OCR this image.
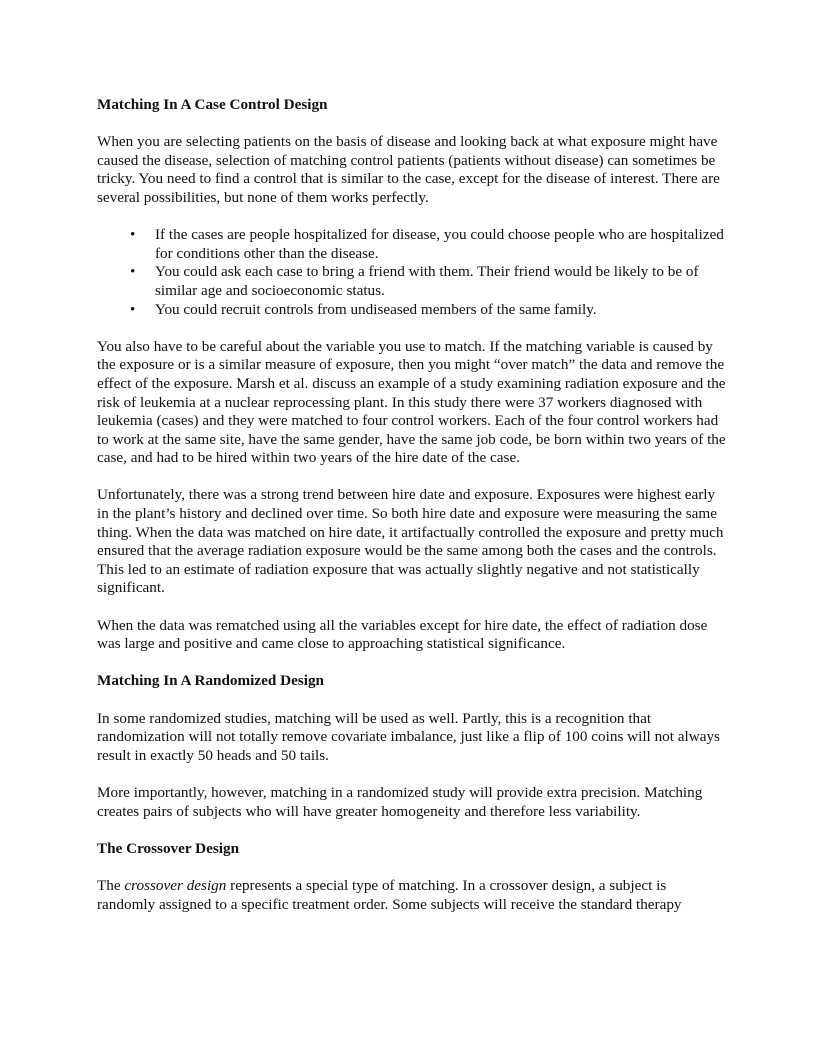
Matching In A Case Control Design

When you are selecting patients on the basis of disease and looking back at what exposure might have caused the disease, selection of matching control patients (patients without disease) can sometimes be tricky. You need to find a control that is similar to the case, except for the disease of interest. There are several possibilities, but none of them works perfectly.

• If the cases are people hospitalized for disease, you could choose people who are hospitalized for conditions other than the disease.
• You could ask each case to bring a friend with them. Their friend would be likely to be of similar age and socioeconomic status.
• You could recruit controls from undiseased members of the same family.

You also have to be careful about the variable you use to match. If the matching variable is caused by the exposure or is a similar measure of exposure, then you might “over match” the data and remove the effect of the exposure. Marsh et al. discuss an example of a study examining radiation exposure and the risk of leukemia at a nuclear reprocessing plant. In this study there were 37 workers diagnosed with leukemia (cases) and they were matched to four control workers. Each of the four control workers had to work at the same site, have the same gender, have the same job code, be born within two years of the case, and had to be hired within two years of the hire date of the case.

Unfortunately, there was a strong trend between hire date and exposure. Exposures were highest early in the plant’s history and declined over time. So both hire date and exposure were measuring the same thing. When the data was matched on hire date, it artifactually controlled the exposure and pretty much ensured that the average radiation exposure would be the same among both the cases and the controls. This led to an estimate of radiation exposure that was actually slightly negative and not statistically significant.

When the data was rematched using all the variables except for hire date, the effect of radiation dose was large and positive and came close to approaching statistical significance.

Matching In A Randomized Design

In some randomized studies, matching will be used as well. Partly, this is a recognition that randomization will not totally remove covariate imbalance, just like a flip of 100 coins will not always result in exactly 50 heads and 50 tails.

More importantly, however, matching in a randomized study will provide extra precision. Matching creates pairs of subjects who will have greater homogeneity and therefore less variability.

The Crossover Design

The crossover design represents a special type of matching. In a crossover design, a subject is randomly assigned to a specific treatment order. Some subjects will receive the standard therapy
